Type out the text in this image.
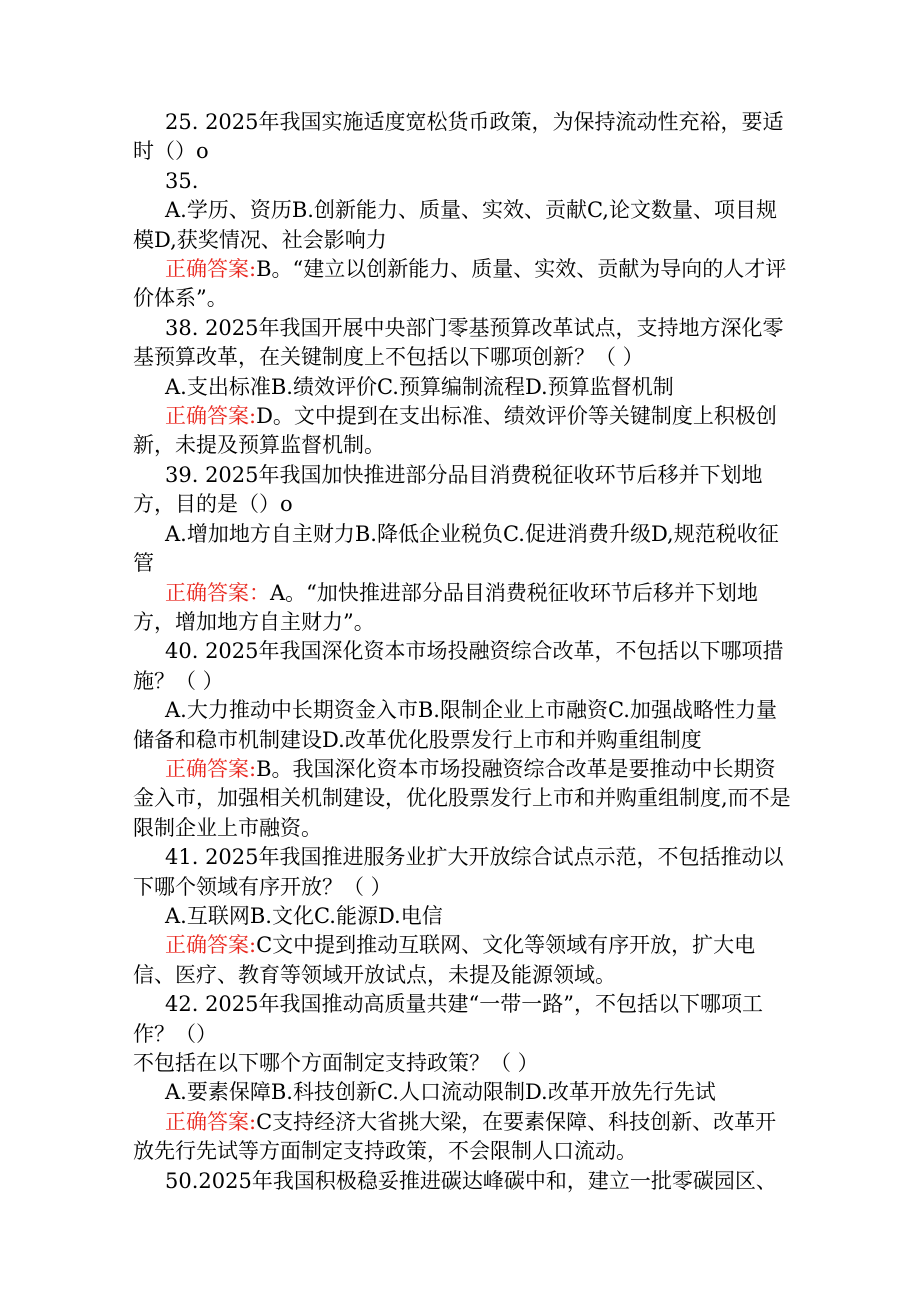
25. 2025年我国实施适度宽松货币政策，为保持流动性充裕，要适时（）o

35.

A.学历、资历B.创新能力、质量、实效、贡献C,论文数量、项目规模D,获奖情况、社会影响力

正确答案:B。“建立以创新能力、质量、实效、贡献为导向的人才评价体系”。

38. 2025年我国开展中央部门零基预算改革试点，支持地方深化零基预算改革，在关键制度上不包括以下哪项创新？（ ）

A.支出标准B.绩效评价C.预算编制流程D.预算监督机制

正确答案:D。文中提到在支出标准、绩效评价等关键制度上积极创新，未提及预算监督机制。

39. 2025年我国加快推进部分品目消费税征收环节后移并下划地方，目的是（）o

A.增加地方自主财力B.降低企业税负C.促进消费升级D,规范税收征管

正确答案：A。“加快推进部分品目消费税征收环节后移并下划地方，增加地方自主财力”。

40. 2025年我国深化资本市场投融资综合改革，不包括以下哪项措施？（ ）

A.大力推动中长期资金入市B.限制企业上市融资C.加强战略性力量储备和稳市机制建设D.改革优化股票发行上市和并购重组制度

正确答案:B。我国深化资本市场投融资综合改革是要推动中长期资金入市，加强相关机制建设，优化股票发行上市和并购重组制度,而不是限制企业上市融资。

41. 2025年我国推进服务业扩大开放综合试点示范，不包括推动以下哪个领域有序开放？（ ）

A.互联网B.文化C.能源D.电信

正确答案:C文中提到推动互联网、文化等领域有序开放，扩大电信、医疗、教育等领域开放试点，未提及能源领域。

42. 2025年我国推动高质量共建“一带一路”，不包括以下哪项工作？（）

不包括在以下哪个方面制定支持政策？（ ）

A.要素保障B.科技创新C.人口流动限制D.改革开放先行先试

正确答案:C支持经济大省挑大梁，在要素保障、科技创新、改革开放先行先试等方面制定支持政策，不会限制人口流动。

50.2025年我国积极稳妥推进碳达峰碳中和，建立一批零碳园区、
